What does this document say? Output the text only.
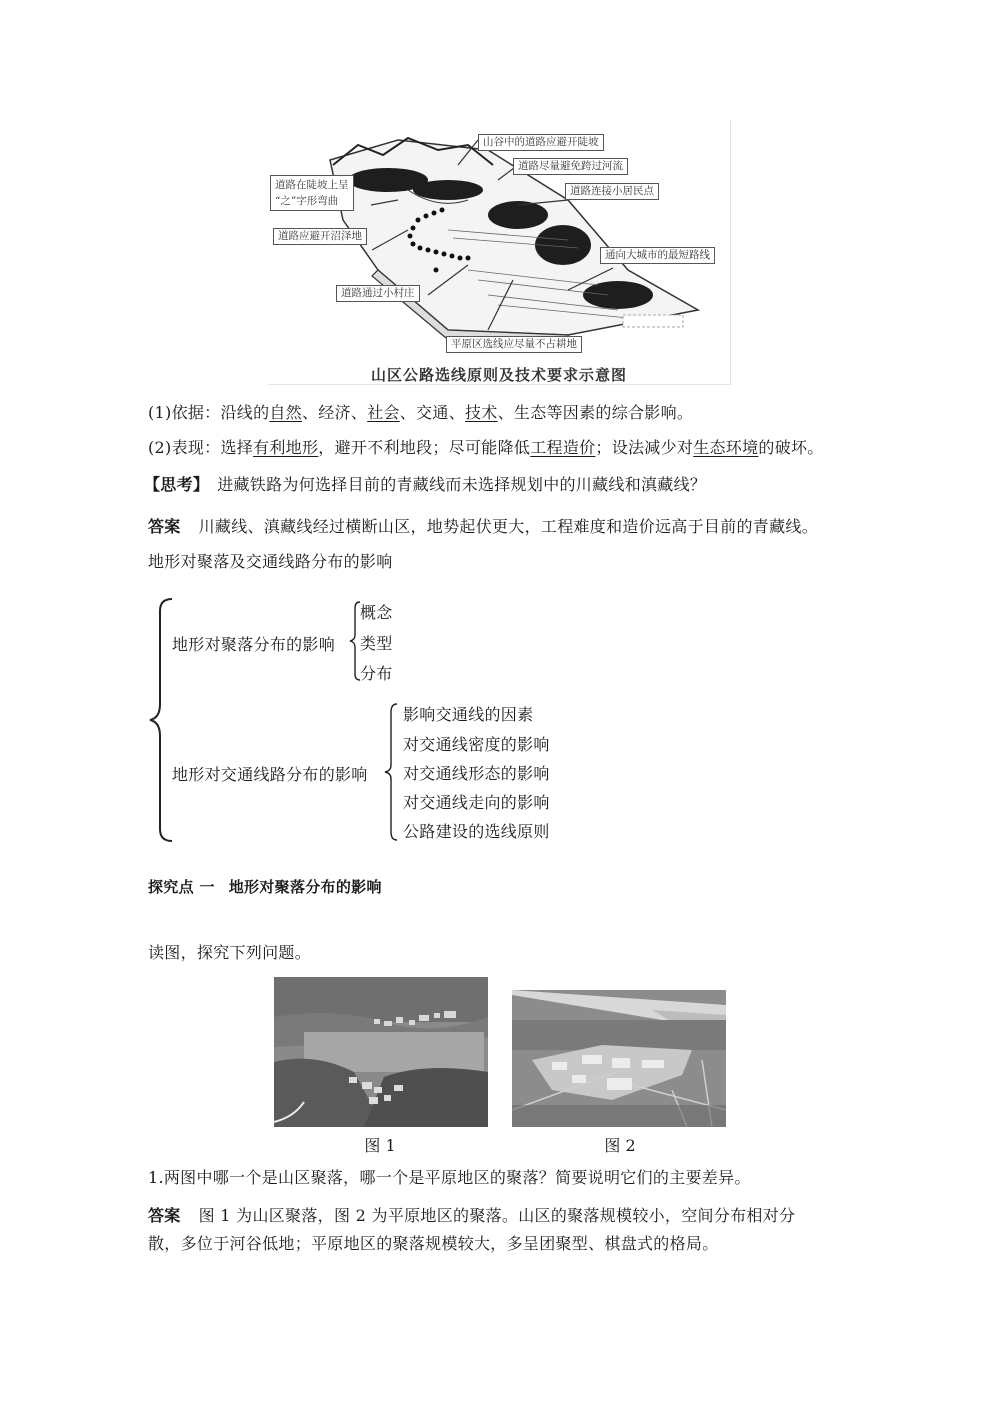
山谷中的道路应避开陡坡
道路尽量避免跨过河流
道路在陡坡上呈
“之”字形弯曲
道路连接小居民点
道路应避开沼泽地
通向大城市的最短路线
道路通过小村庄
平原区选线应尽量不占耕地
山区公路选线原则及技术要求示意图
(1)依据：沿线的自然、经济、社会、交通、技术、生态等因素的综合影响。
(2)表现：选择有利地形，避开不利地段；尽可能降低工程造价；设法减少对生态环境的破坏。
【思考】 进藏铁路为何选择目前的青藏线而未选择规划中的川藏线和滇藏线？
答案 川藏线、滇藏线经过横断山区，地势起伏更大，工程难度和造价远高于目前的青藏线。
地形对聚落及交通线路分布的影响
地形对聚落分布的影响
概念
类型
分布
地形对交通线路分布的影响
影响交通线的因素
对交通线密度的影响
对交通线形态的影响
对交通线走向的影响
公路建设的选线原则
探究点 一 地形对聚落分布的影响
读图，探究下列问题。
图 1	图 2
1.两图中哪一个是山区聚落，哪一个是平原地区的聚落？简要说明它们的主要差异。
答案 图 1 为山区聚落，图 2 为平原地区的聚落。山区的聚落规模较小，空间分布相对分
散，多位于河谷低地；平原地区的聚落规模较大，多呈团聚型、棋盘式的格局。
